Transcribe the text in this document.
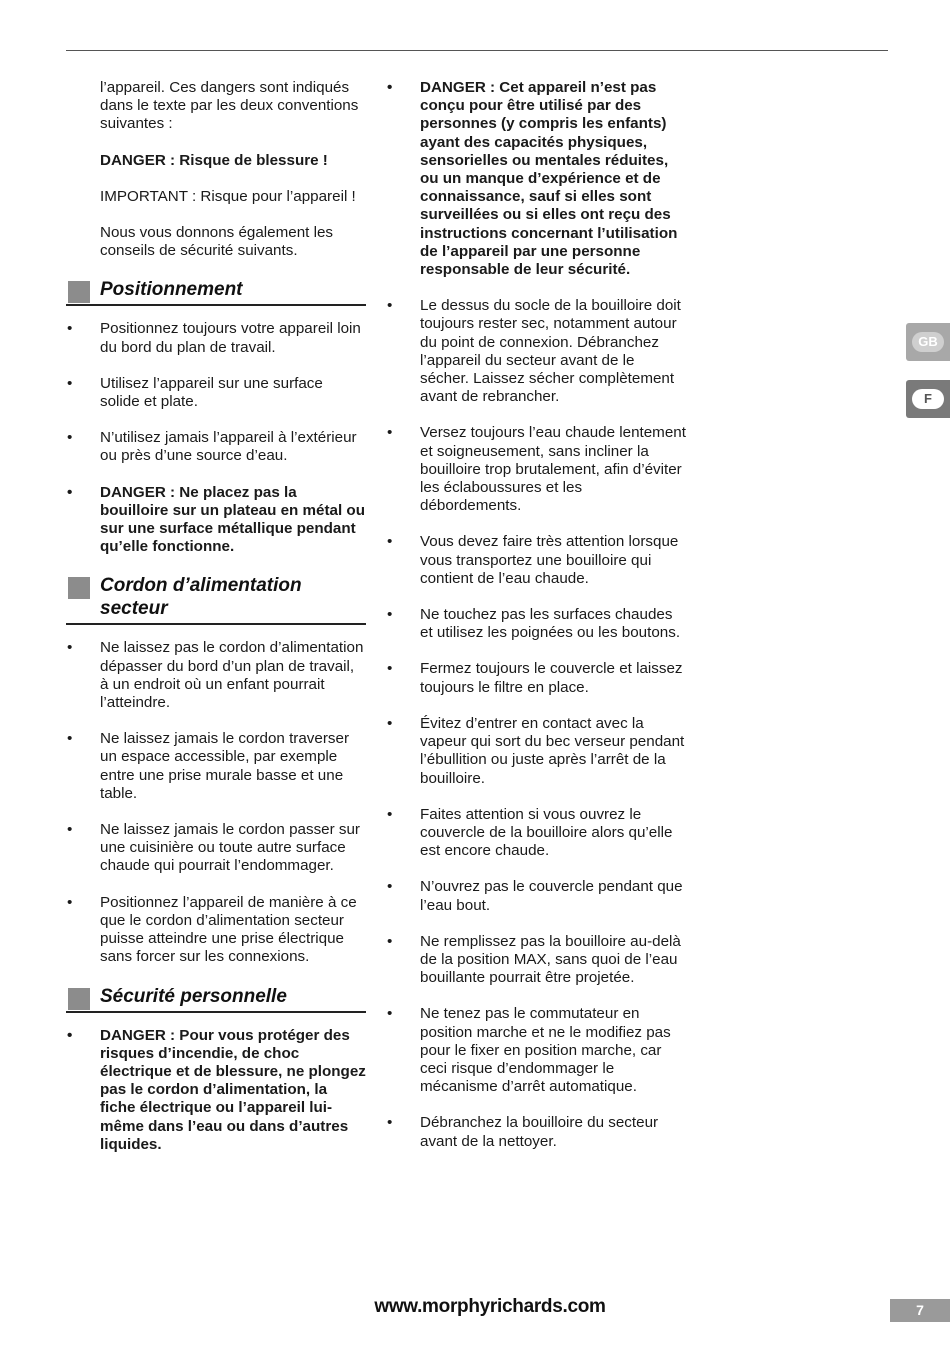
l’appareil. Ces dangers sont indiqués dans le texte par les deux conventions suivantes :

DANGER : Risque de blessure !

IMPORTANT : Risque pour l’appareil !

Nous vous donnons également les conseils de sécurité suivants.

Positionnement
• Positionnez toujours votre appareil loin du bord du plan de travail.
• Utilisez l’appareil sur une surface solide et plate.
• N’utilisez jamais l’appareil à l’extérieur ou près d’une source d’eau.
• DANGER : Ne placez pas la bouilloire sur un plateau en métal ou sur une surface métallique pendant qu’elle fonctionne.
Cordon d’alimentation secteur
• Ne laissez pas le cordon d’alimentation dépasser du bord d’un plan de travail, à un endroit où un enfant pourrait l’atteindre.
• Ne laissez jamais le cordon traverser un espace accessible, par exemple entre une prise murale basse et une table.
• Ne laissez jamais le cordon passer sur une cuisinière ou toute autre surface chaude qui pourrait l’endommager.
• Positionnez l’appareil de manière à ce que le cordon d’alimentation secteur puisse atteindre une prise électrique sans forcer sur les connexions.
Sécurité personnelle
• DANGER : Pour vous protéger des risques d’incendie, de choc électrique et de blessure, ne plongez pas le cordon d’alimentation, la fiche électrique ou l’appareil lui-même dans l’eau ou dans d’autres liquides.
• DANGER : Cet appareil n’est pas conçu pour être utilisé par des personnes (y compris les enfants) ayant des capacités physiques, sensorielles ou mentales réduites, ou un manque d’expérience et de connaissance, sauf si elles sont surveillées ou si elles ont reçu des instructions concernant l’utilisation de l’appareil par une personne responsable de leur sécurité.
• Le dessus du socle de la bouilloire doit toujours rester sec, notamment autour du point de connexion. Débranchez l’appareil du secteur avant de le sécher. Laissez sécher complètement avant de rebrancher.
• Versez toujours l’eau chaude lentement et soigneusement, sans incliner la bouilloire trop brutalement, afin d’éviter les éclaboussures et les débordements.
• Vous devez faire très attention lorsque vous transportez une bouilloire qui contient de l’eau chaude.
• Ne touchez pas les surfaces chaudes et utilisez les poignées ou les boutons.
• Fermez toujours le couvercle et laissez toujours le filtre en place.
• Évitez d’entrer en contact avec la vapeur qui sort du bec verseur pendant l’ébullition ou juste après l’arrêt de la bouilloire.
• Faites attention si vous ouvrez le couvercle de la bouilloire alors qu’elle est encore chaude.
• N’ouvrez pas le couvercle pendant que l’eau bout.
• Ne remplissez pas la bouilloire au-delà de la position MAX, sans quoi de l’eau bouillante pourrait être projetée.
• Ne tenez pas le commutateur en position marche et ne le modifiez pas pour le fixer en position marche, car ceci risque d’endommager le mécanisme d’arrêt automatique.
• Débranchez la bouilloire du secteur avant de la nettoyer.
GB
F
www.morphyrichards.com	7
